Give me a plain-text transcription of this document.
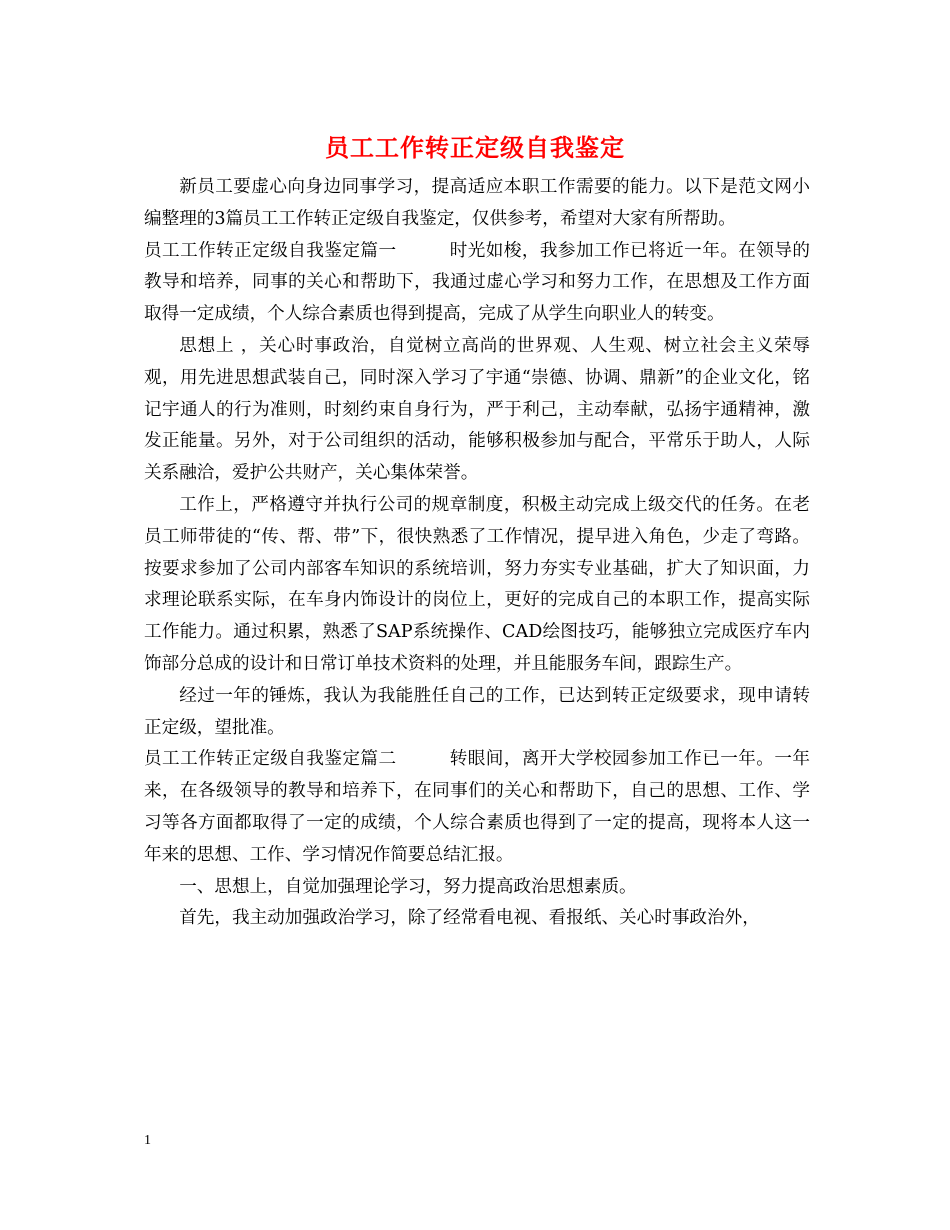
员工工作转正定级自我鉴定

新员工要虚心向身边同事学习，提高适应本职工作需要的能力。以下是范文网小编整理的3篇员工工作转正定级自我鉴定，仅供参考，希望对大家有所帮助。

员工工作转正定级自我鉴定篇一	时光如梭，我参加工作已将近一年。在领导的教导和培养，同事的关心和帮助下，我通过虚心学习和努力工作，在思想及工作方面取得一定成绩，个人综合素质也得到提高，完成了从学生向职业人的转变。

思想上 ，关心时事政治，自觉树立高尚的世界观、人生观、树立社会主义荣辱观，用先进思想武装自己，同时深入学习了宇通“崇德、协调、鼎新”的企业文化，铭记宇通人的行为准则，时刻约束自身行为，严于利己，主动奉献，弘扬宇通精神，激发正能量。另外，对于公司组织的活动，能够积极参加与配合，平常乐于助人，人际关系融洽，爱护公共财产，关心集体荣誉。

工作上，严格遵守并执行公司的规章制度，积极主动完成上级交代的任务。在老员工师带徒的“传、帮、带”下，很快熟悉了工作情况，提早进入角色，少走了弯路。按要求参加了公司内部客车知识的系统培训，努力夯实专业基础，扩大了知识面，力求理论联系实际，在车身内饰设计的岗位上，更好的完成自己的本职工作，提高实际工作能力。通过积累，熟悉了SAP系统操作、CAD绘图技巧，能够独立完成医疗车内饰部分总成的设计和日常订单技术资料的处理，并且能服务车间，跟踪生产。

经过一年的锤炼，我认为我能胜任自己的工作，已达到转正定级要求，现申请转正定级，望批准。

员工工作转正定级自我鉴定篇二	转眼间，离开大学校园参加工作已一年。一年来，在各级领导的教导和培养下，在同事们的关心和帮助下，自己的思想、工作、学习等各方面都取得了一定的成绩，个人综合素质也得到了一定的提高，现将本人这一年来的思想、工作、学习情况作简要总结汇报。

一、思想上，自觉加强理论学习，努力提高政治思想素质。

首先，我主动加强政治学习，除了经常看电视、看报纸、关心时事政治外，

1
